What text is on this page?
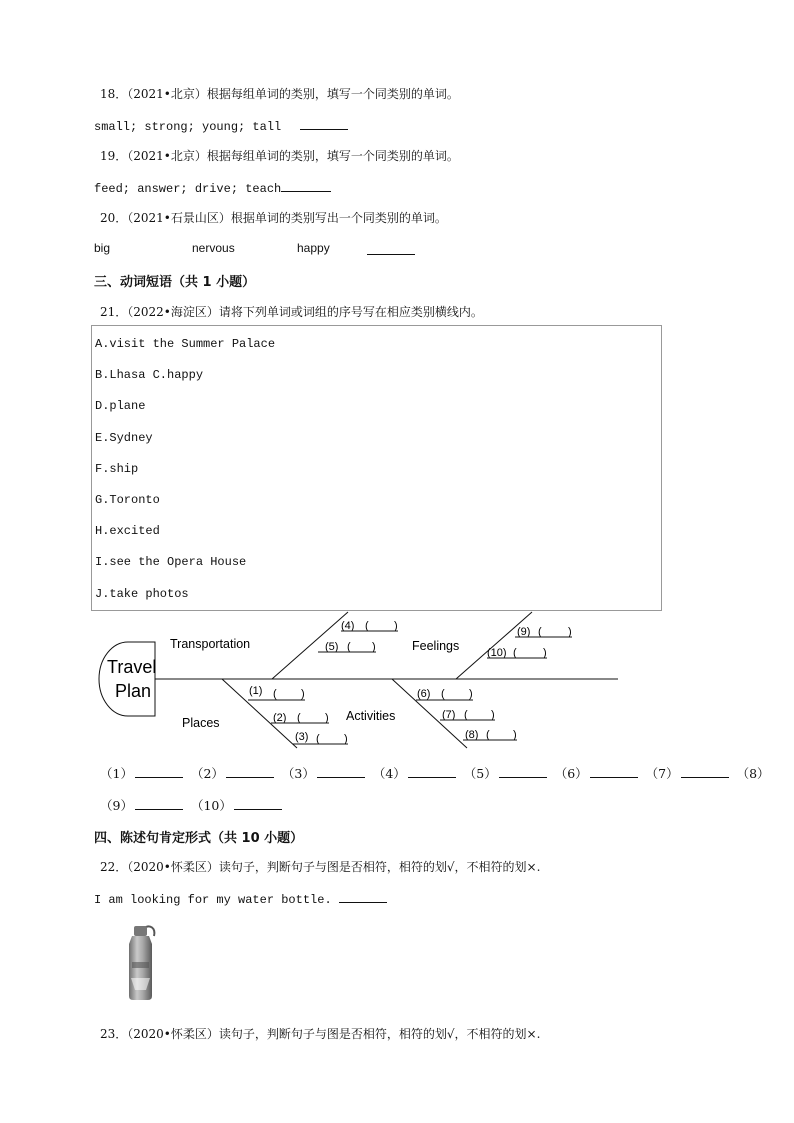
18．（2021•北京）根据每组单词的类别，填写一个同类别的单词。
small; strong; young; tall
19．（2021•北京）根据每组单词的类别，填写一个同类别的单词。
feed; answer; drive; teach
20．（2021•石景山区）根据单词的类别写出一个同类别的单词。
big	nervous	happy
三、动词短语（共 1 小题）
21．（2022•海淀区）请将下列单词或词组的序号写在相应类别横线内。
A.visit the Summer Palace
B.Lhasa C.happy
D.plane
E.Sydney
F.ship
G.Toronto
H.excited
I.see the Opera House
J.take photos
Travel
Plan
Transportation	Feelings
Places	Activities
(4) ( )
(5) ( )
(9) ( )
(10) ( )
(1) ( )
(2) ( )
(3) ( )
(6) ( )
(7) ( )
(8) ( )
（1）	（2）	（3）	（4）	（5）	（6）	（7）	（8）
（9）	（10）
四、陈述句肯定形式（共 10 小题）
22．（2020•怀柔区）读句子，判断句子与图是否相符，相符的划√，不相符的划×.
I am looking for my water bottle.
23．（2020•怀柔区）读句子，判断句子与图是否相符，相符的划√，不相符的划×.
